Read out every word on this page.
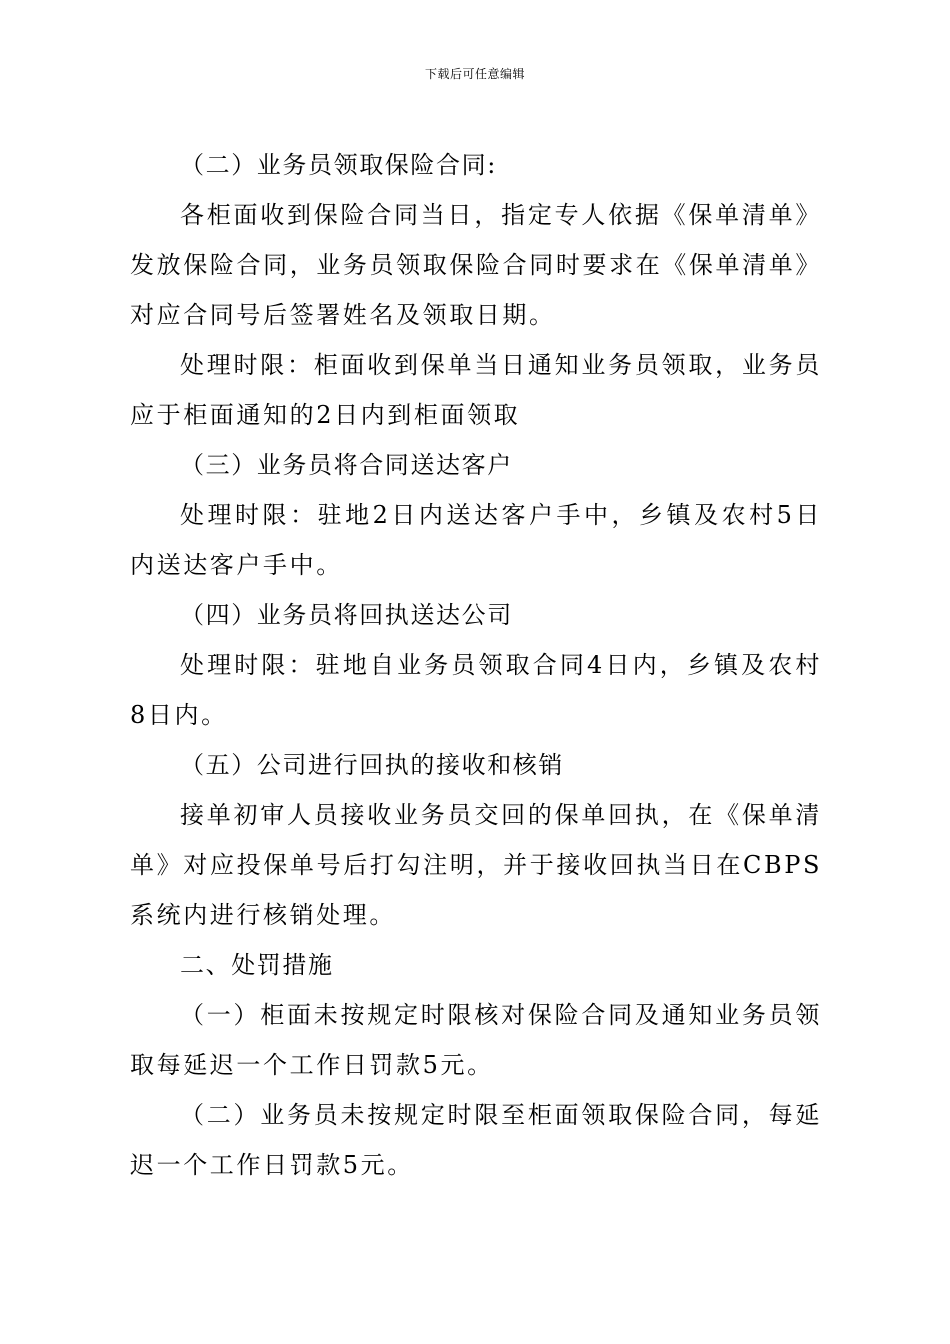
下载后可任意编辑

（二）业务员领取保险合同:

各柜面收到保险合同当日，指定专人依据《保单清单》发放保险合同，业务员领取保险合同时要求在《保单清单》对应合同号后签署姓名及领取日期。

处理时限：柜面收到保单当日通知业务员领取，业务员应于柜面通知的2日内到柜面领取

（三）业务员将合同送达客户

处理时限：驻地2日内送达客户手中，乡镇及农村5日内送达客户手中。

（四）业务员将回执送达公司

处理时限：驻地自业务员领取合同4日内，乡镇及农村8日内。

（五）公司进行回执的接收和核销

接单初审人员接收业务员交回的保单回执，在《保单清单》对应投保单号后打勾注明，并于接收回执当日在CBPS系统内进行核销处理。

二、处罚措施

（一）柜面未按规定时限核对保险合同及通知业务员领取每延迟一个工作日罚款5元。

（二）业务员未按规定时限至柜面领取保险合同，每延迟一个工作日罚款5元。
